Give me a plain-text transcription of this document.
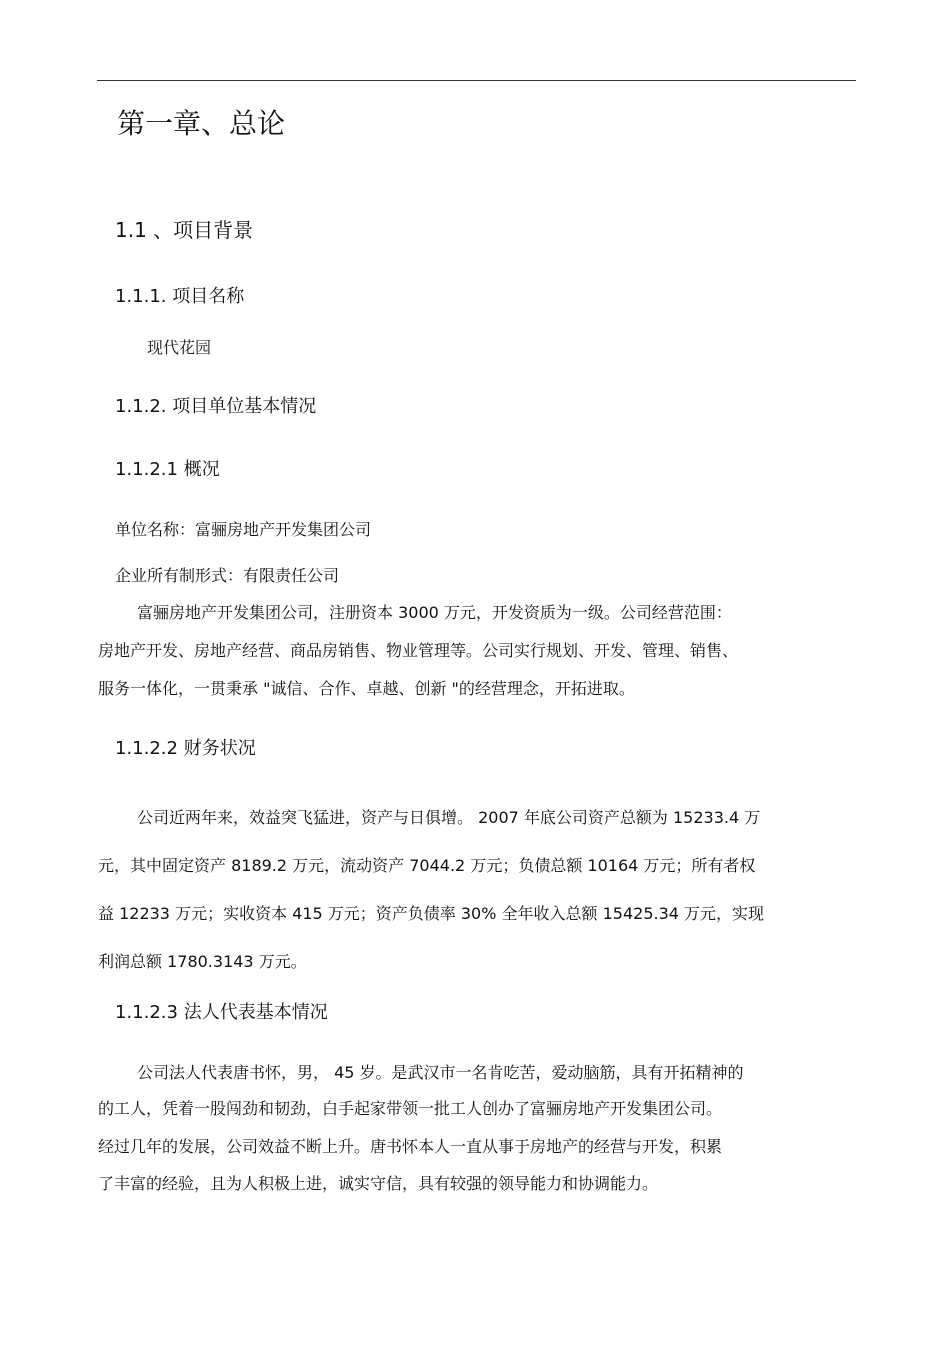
第一章、总论
1.1 、项目背景
1.1.1. 项目名称
现代花园
1.1.2. 项目单位基本情况
1.1.2.1 概况
单位名称：富骊房地产开发集团公司
企业所有制形式：有限责任公司
富骊房地产开发集团公司，注册资本 3000 万元，开发资质为一级。公司经营范围：
房地产开发、房地产经营、商品房销售、物业管理等。公司实行规划、开发、管理、销售、
服务一体化，一贯秉承 "诚信、合作、卓越、创新 "的经营理念，开拓进取。
1.1.2.2 财务状况
公司近两年来，效益突飞猛进，资产与日俱增。 2007 年底公司资产总额为 15233.4 万
元，其中固定资产 8189.2 万元，流动资产 7044.2 万元；负债总额 10164 万元；所有者权
益 12233 万元；实收资本 415 万元；资产负债率 30% 全年收入总额 15425.34 万元，实现
利润总额 1780.3143 万元。
1.1.2.3 法人代表基本情况
公司法人代表唐书怀，男， 45 岁。是武汉市一名肯吃苦，爱动脑筋，具有开拓精神的
的工人，凭着一股闯劲和韧劲，白手起家带领一批工人创办了富骊房地产开发集团公司。
经过几年的发展，公司效益不断上升。唐书怀本人一直从事于房地产的经营与开发，积累
了丰富的经验，且为人积极上进，诚实守信，具有较强的领导能力和协调能力。
